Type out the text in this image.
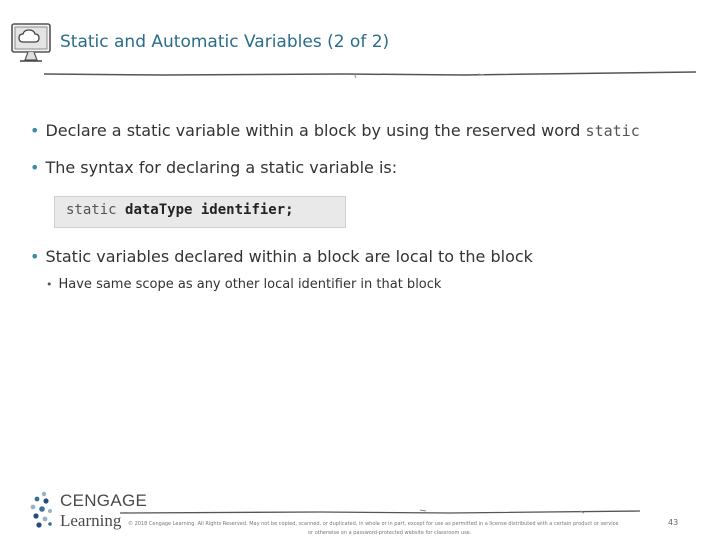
Static and Automatic Variables (2 of 2)
• Declare a static variable within a block by using the reserved word static
• The syntax for declaring a static variable is:
static dataType identifier;
• Static variables declared within a block are local to the block
• Have same scope as any other local identifier in that block
CENGAGE
Learning © 2018 Cengage Learning. All Rights Reserved. May not be copied, scanned, or duplicated, in whole or in part, except for use as permitted in a license distributed with a certain product or service
or otherwise on a password-protected website for classroom use.
43
